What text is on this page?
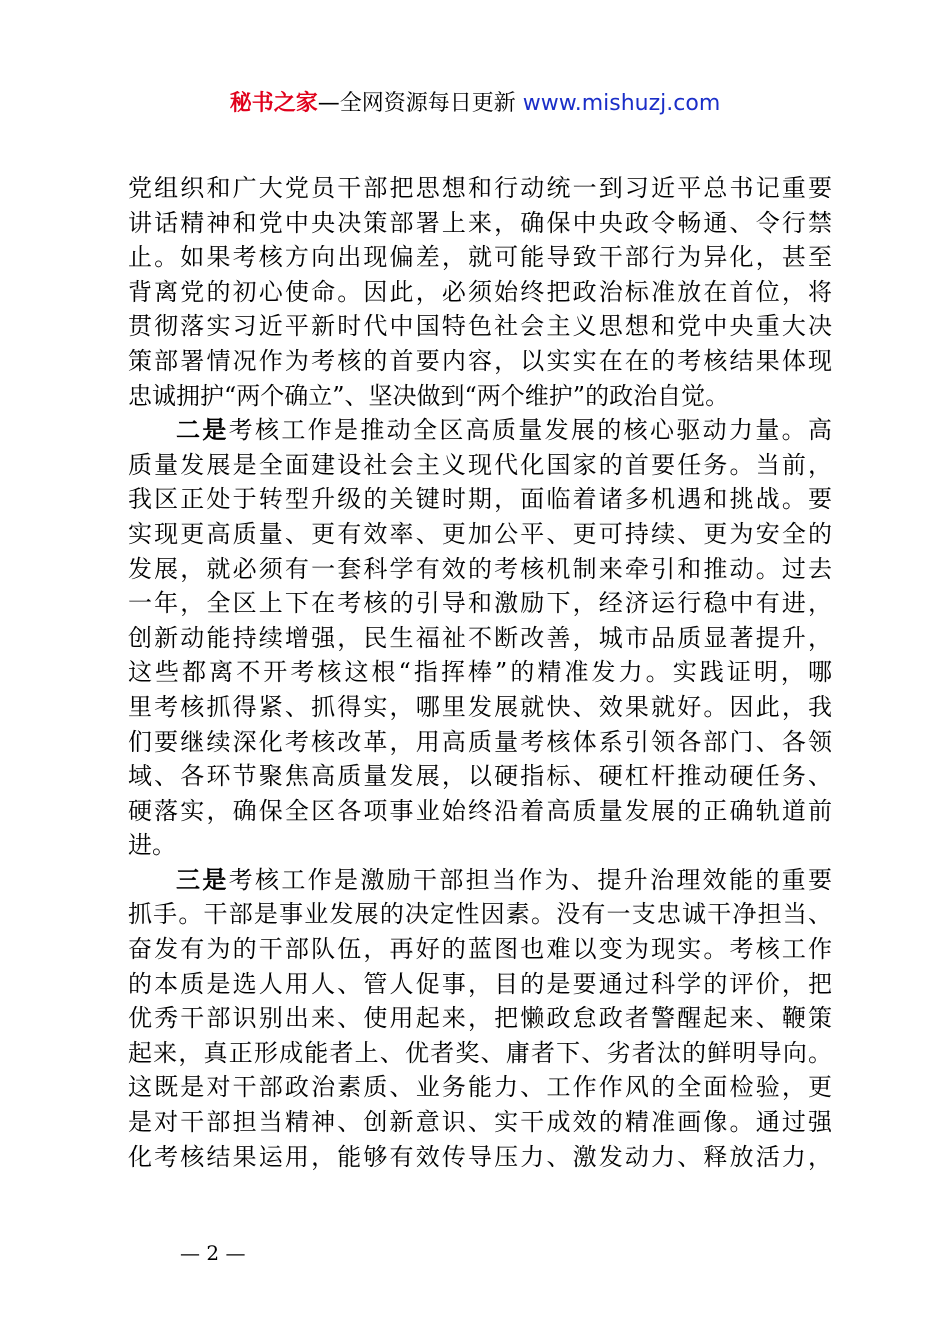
秘书之家—全网资源每日更新 www.mishuzj.com
党组织和广大党员干部把思想和行动统一到习近平总书记重要
讲话精神和党中央决策部署上来，确保中央政令畅通、令行禁
止。如果考核方向出现偏差，就可能导致干部行为异化，甚至
背离党的初心使命。因此，必须始终把政治标准放在首位，将
贯彻落实习近平新时代中国特色社会主义思想和党中央重大决
策部署情况作为考核的首要内容，以实实在在的考核结果体现
忠诚拥护“两个确立”、坚决做到“两个维护”的政治自觉。
二是考核工作是推动全区高质量发展的核心驱动力量。高
质量发展是全面建设社会主义现代化国家的首要任务。当前，
我区正处于转型升级的关键时期，面临着诸多机遇和挑战。要
实现更高质量、更有效率、更加公平、更可持续、更为安全的
发展，就必须有一套科学有效的考核机制来牵引和推动。过去
一年，全区上下在考核的引导和激励下，经济运行稳中有进，
创新动能持续增强，民生福祉不断改善，城市品质显著提升，
这些都离不开考核这根“指挥棒”的精准发力。实践证明，哪
里考核抓得紧、抓得实，哪里发展就快、效果就好。因此，我
们要继续深化考核改革，用高质量考核体系引领各部门、各领
域、各环节聚焦高质量发展，以硬指标、硬杠杆推动硬任务、
硬落实，确保全区各项事业始终沿着高质量发展的正确轨道前
进。
三是考核工作是激励干部担当作为、提升治理效能的重要
抓手。干部是事业发展的决定性因素。没有一支忠诚干净担当、
奋发有为的干部队伍，再好的蓝图也难以变为现实。考核工作
的本质是选人用人、管人促事，目的是要通过科学的评价，把
优秀干部识别出来、使用起来，把懒政怠政者警醒起来、鞭策
起来，真正形成能者上、优者奖、庸者下、劣者汰的鲜明导向。
这既是对干部政治素质、业务能力、工作作风的全面检验，更
是对干部担当精神、创新意识、实干成效的精准画像。通过强
化考核结果运用，能够有效传导压力、激发动力、释放活力，
— 2 —
